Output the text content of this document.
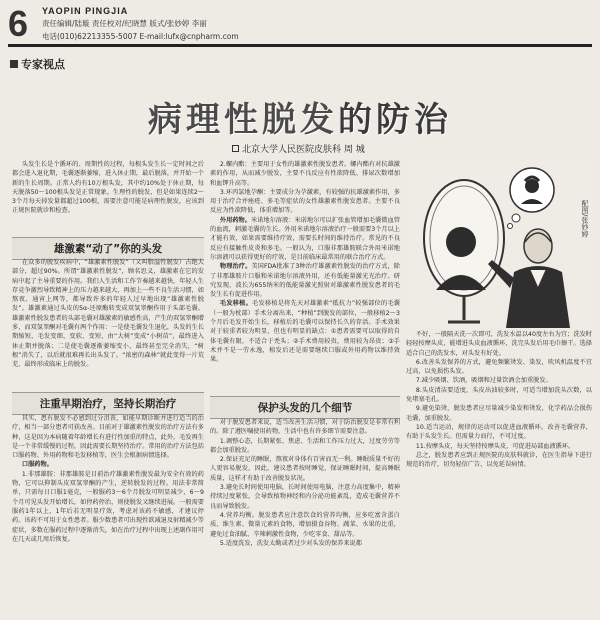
6 YAOPIN PINGJIA
责任编辑/陆璇 责任校对/纪晓慧 版式/张妙婷 李丽
电话(010)62213355-5007 E-mail:lufx@cnpharm.com
专家视点
病理性脱发的防治
北京大学人民医院皮肤科 周 城

头发生长是个循环的、周期性的过程，每根头发生长一定时间之后都会进入退化期，毛囊逐渐萎缩，进入休止期，最后脱落，并开始一个新的生长周期。正常人约有10万根头发，其中约10%处于休止期，每天脱落50～100根头发是正常现象。生理性的脱发，但是如果连续2～3个月每天掉发量都超过100根，需要注意可能是病理性脱发，应该到正规医院就诊和检查。

雄激素“动了”你的头发

在众多的脱发疾病中，“雄激素性脱发”（又叫脂溢性脱发）占绝大部分，超过90%。所谓“雄激素性脱发”，顾名思义，雄激素在它的发病中起了主导重要的作用。我们人生活和工作节奏越来越快，年轻人生存竞争激烈导致精神上的压力越来越大，再加上一些不良生活习惯，如熬夜、通宵上网等，都导致许多的年轻人过早地出现“雄激素性脱发”。雄激素通过头皮的5α-还原酶转变成双氢睾酮作用于头部毛囊。雄激素性脱发患者的头部毛囊对雄激素的敏感性高，产生的双氢睾酮增多，而双氢睾酮对毛囊有两个作用：一是使毛囊发生退化，头发的生长期缩短，毛发变细、变软、变短，由“大树”变成“小树苗”，最终进入休止期并脱落；二是使毛囊逐渐萎缩变小，最终甚至完全消失，“树根”消失了，以后就很难再长出头发了。“浓密的森林”就此变得一片荒芜，最终形成临床上的脱发。

注重早期治疗，坚持长期治疗

其实，患有脱发不必感到过分沮丧，如能早期诊断并进行适当的治疗，相当一部分患者可获改善。目前对于雄激素性脱发的治疗方法有多种，这是因为本病随着年龄增长有进行性加重的特点，此外，毛发再生是一个非常缓慢的过程，因此需要长期坚持治疗。常用的治疗方法包括口服药物、外用药物和毛发移植等，医生会根据病情选择。

口服药物。

1.非那雄胺：非那雄胺是目前治疗雄激素性脱发最为安全有效的药物，它可以抑制头皮双氢睾酮的产生，逆转脱发的过程。用法非常简单，只需每日口服1毫克，一般服药3～6个月脱发可明显减少，6～9个月可见头发开始增长，如停药停治，则使脱发又继续进展。一般需要服药1年以上，1年后若无明显疗效，考虑对该药不敏感，才建议停药。该药不可用于女性患者。服少数患者可出现性欲减退及射精减少等症状，多数在服药过程中逐渐消失，如在治疗过程中出现上述副作用可在几天或几周后恢复。

2.螺内酯：主要用于女性的雄激素性脱发患者。螺内酯有对抗雄激素的作用，从而减少脱发，主要不良反应有性欲降低、排尿次数增加和血钾升高等。

3.环丙氯地孕酮：主要成分为孕激素，有较强的抗雄激素作用，多用于治疗合并痤疮、多毛等症状的女性雄激素性脱发患者。主要不良反应为性欲降低、体重增加等。

外用药物。米诺地尔溶液：米诺地尔可以扩张血管增加毛囊微血管的血流，刺激毛囊的生长。外用米诺地尔溶液治疗一般需要3个月以上才能有效，如果需要维持疗效，需要长时间的维持治疗。常见的不良反应有接触性皮炎和多毛。一般认为，口服非那雄胺联合外用米诺地尔溶液可以获得更好的疗效，是目前临床最常用的联合治疗方式。

物理治疗。美国FDA批准了3种治疗雄激素性脱发的治疗方式，除了非那雄胺片口服和米诺地尔溶液外用，还有低能量激光光治疗。研究发现，波长为655纳米的低能量激光照射对雄激素性脱发患者的毛发生长有促进作用。

毛发移植。毛发移植是将先天对雄激素“抵抗力”较强部位的毛囊（一般为枕部）手术分离出来，“种植”到脱发的部位，一般移植2～3个月后毛发开始生长，移植后的毛囊可以保持长久的存活。手术效果对于较重者较为明显，但也有明显的缺点：①患者需要可以取得的自体毛囊有限，不适合于禿头；②手术费用较贵，费用较为昂贵；③手术并不是一劳永逸，植发后还是需要继续口服或外用药物以维持效果。

保护头发的几个细节

对于脱发患者来说，适当改善生活习惯，对于防治脱发是非常有利的。除了遵医嘱使用药物，生活中也有许多细节需要注意。

1.调整心态，长期紧张、焦虑、生活和工作压力过大，过度劳劳等都会加重脱发。

2.保证充足的睡眠，熬夜对身体有百害而无一利。睡眠质量不好的人更容易脱发，因此，建议患者按时睡觉，保证睡眠时间，提高睡眠质量，这样才有助于改善脱发状况。

3.避免长时间使用电脑，长时间使用电脑，注意力高度集中，精神持续过度紧张，会导致植物神经和内分泌功能紊乱，造成毛囊营养不良而导致脱发。

4.营养均衡。脱发患者应注意饮食的营养均衡，应多吃富含蛋白质、维生素、微量元素的食物，增加摄食谷物、蔬菜、水果的比重，避免过食油腻、辛辣刺激性食物，少吃零食、甜品等。

5.适度洗发，洗发太勤或者过少对头发的保养来说都

配图/张妙婷

不好，一般隔天洗一次即可，洗发水温以40度左右为宜；洗发时轻轻按摩头皮，能增进头皮血液循环，洗完头发后用毛巾擦干。选择适合自己的洗发水，对头发有好处。

6.改善头发保养的方式，避免频繁烫发、染发，吹风机温度不宜过高，以免损伤头发。

7.减少吸烟、饮酒，吸烟和过量饮酒会加重脱发。

8.头皮清洁要适度，头皮出油较多时，可适当增加洗头次数，以免堵塞毛孔。

9.避免染烫，脱发患者应尽量减少染发和烫发，化学药品会损伤毛囊，加重脱发。

10.适当运动，规律的运动可以促进血液循环，改善毛囊营养，有助于头发生长。但需量力而行，不可过度。

11.按摩头皮，每天坚持按摩头皮，可促进局部血液循环。

总之，脱发患者应到正规医院的皮肤科就诊，在医生指导下进行规范的治疗，切勿轻信广告，以免延误病情。
